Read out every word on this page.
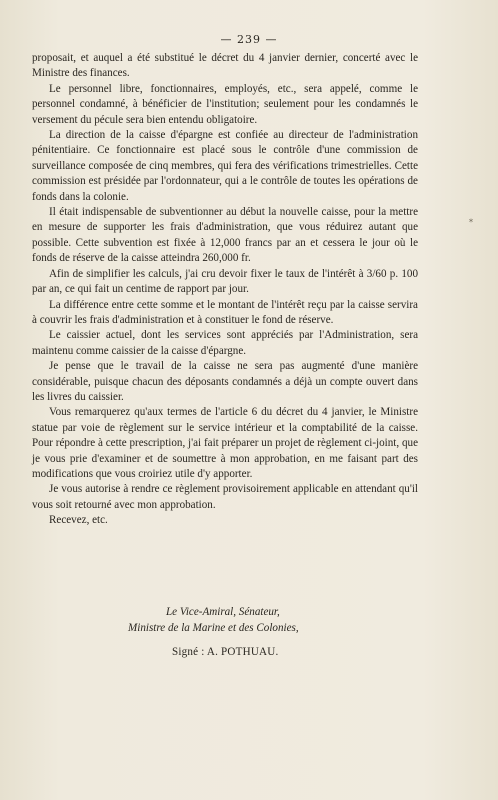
— 239 —

proposait, et auquel a été substitué le décret du 4 janvier dernier, concerté avec le Ministre des finances.

Le personnel libre, fonctionnaires, employés, etc., sera appelé, comme le personnel condamné, à bénéficier de l'institution; seulement pour les condamnés le versement du pécule sera bien entendu obligatoire.

La direction de la caisse d'épargne est confiée au directeur de l'administration pénitentiaire. Ce fonctionnaire est placé sous le contrôle d'une commission de surveillance composée de cinq membres, qui fera des vérifications trimestrielles. Cette commission est présidée par l'ordonnateur, qui a le contrôle de toutes les opérations de fonds dans la colonie.

Il était indispensable de subventionner au début la nouvelle caisse, pour la mettre en mesure de supporter les frais d'administration, que vous réduirez autant que possible. Cette subvention est fixée à 12,000 francs par an et cessera le jour où le fonds de réserve de la caisse atteindra 260,000 fr.

Afin de simplifier les calculs, j'ai cru devoir fixer le taux de l'intérêt à 3/60 p. 100 par an, ce qui fait un centime de rapport par jour.

La différence entre cette somme et le montant de l'intérêt reçu par la caisse servira à couvrir les frais d'administration et à constituer le fond de réserve.

Le caissier actuel, dont les services sont appréciés par l'Administration, sera maintenu comme caissier de la caisse d'épargne.

Je pense que le travail de la caisse ne sera pas augmenté d'une manière considérable, puisque chacun des déposants condamnés a déjà un compte ouvert dans les livres du caissier.

Vous remarquerez qu'aux termes de l'article 6 du décret du 4 janvier, le Ministre statue par voie de règlement sur le service intérieur et la comptabilité de la caisse. Pour répondre à cette prescription, j'ai fait préparer un projet de règlement ci-joint, que je vous prie d'examiner et de soumettre à mon approbation, en me faisant part des modifications que vous croiriez utile d'y apporter.

Je vous autorise à rendre ce règlement provisoirement applicable en attendant qu'il vous soit retourné avec mon approbation.

Recevez, etc.

Le Vice-Amiral, Sénateur,
Ministre de la Marine et des Colonies,
Signé : A. POTHUAU.
*
